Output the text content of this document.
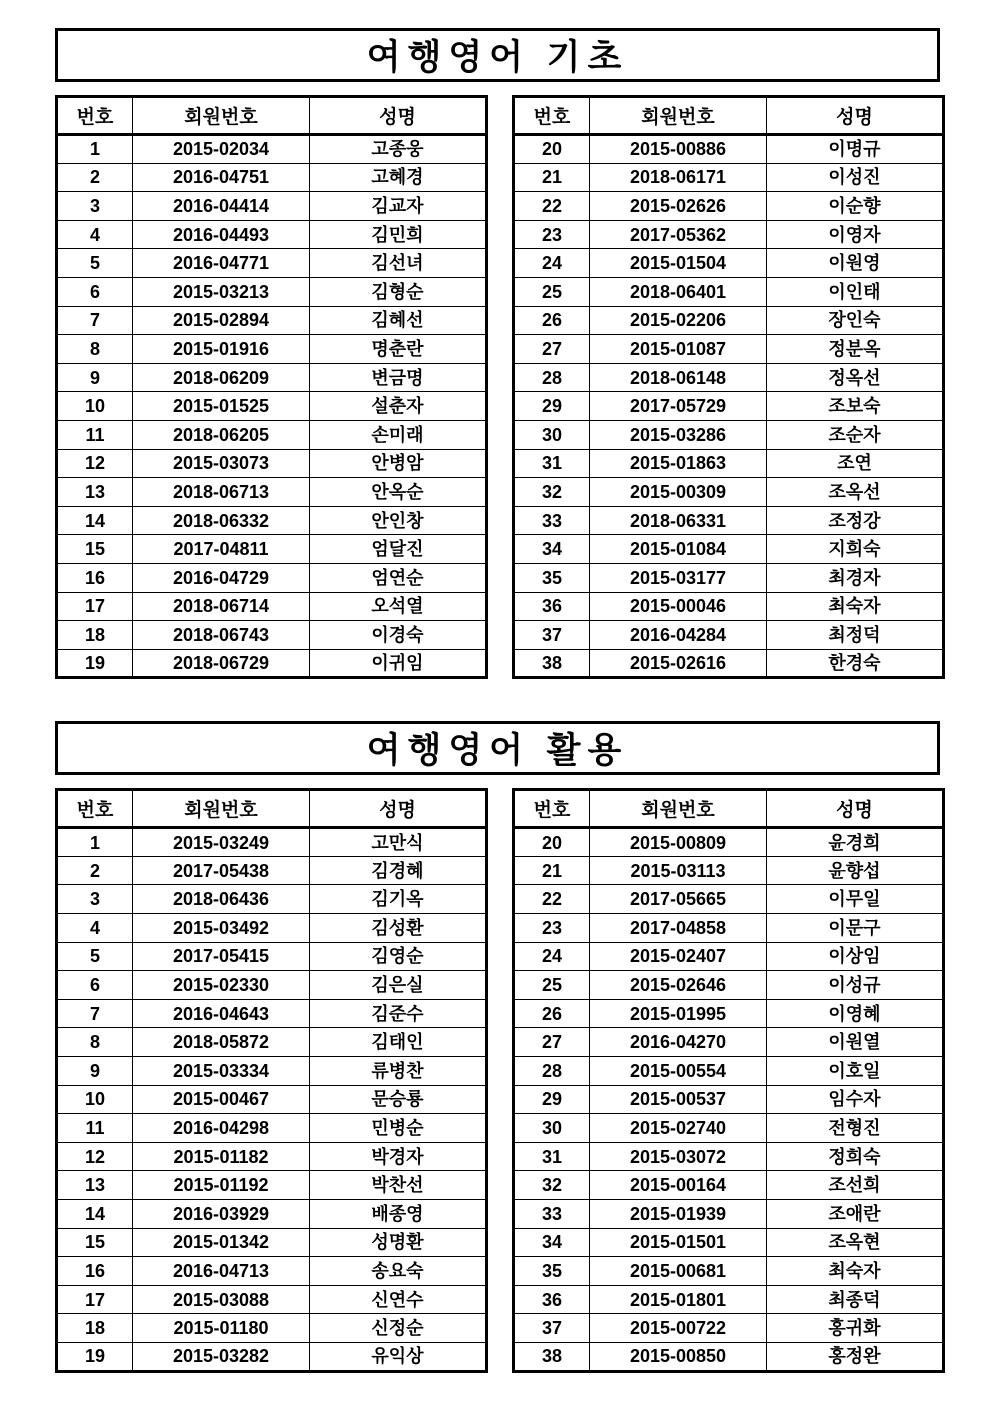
여행영어 기초
번호	회원번호	성명
1	2015-02034	고종웅
2	2016-04751	고혜경
3	2016-04414	김교자
4	2016-04493	김민희
5	2016-04771	김선녀
6	2015-03213	김형순
7	2015-02894	김혜선
8	2015-01916	명춘란
9	2018-06209	변금명
10	2015-01525	설춘자
11	2018-06205	손미래
12	2015-03073	안병암
13	2018-06713	안옥순
14	2018-06332	안인창
15	2017-04811	엄달진
16	2016-04729	엄연순
17	2018-06714	오석열
18	2018-06743	이경숙
19	2018-06729	이귀임
번호	회원번호	성명
20	2015-00886	이명규
21	2018-06171	이성진
22	2015-02626	이순향
23	2017-05362	이영자
24	2015-01504	이원영
25	2018-06401	이인태
26	2015-02206	장인숙
27	2015-01087	정분옥
28	2018-06148	정옥선
29	2017-05729	조보숙
30	2015-03286	조순자
31	2015-01863	조연
32	2015-00309	조옥선
33	2018-06331	조정강
34	2015-01084	지희숙
35	2015-03177	최경자
36	2015-00046	최숙자
37	2016-04284	최정덕
38	2015-02616	한경숙
여행영어 활용
번호	회원번호	성명
1	2015-03249	고만식
2	2017-05438	김경혜
3	2018-06436	김기옥
4	2015-03492	김성환
5	2017-05415	김영순
6	2015-02330	김은실
7	2016-04643	김준수
8	2018-05872	김태인
9	2015-03334	류병찬
10	2015-00467	문승룡
11	2016-04298	민병순
12	2015-01182	박경자
13	2015-01192	박찬선
14	2016-03929	배종영
15	2015-01342	성명환
16	2016-04713	송요숙
17	2015-03088	신연수
18	2015-01180	신정순
19	2015-03282	유익상
번호	회원번호	성명
20	2015-00809	윤경희
21	2015-03113	윤향섭
22	2017-05665	이무일
23	2017-04858	이문구
24	2015-02407	이상임
25	2015-02646	이성규
26	2015-01995	이영혜
27	2016-04270	이원열
28	2015-00554	이호일
29	2015-00537	임수자
30	2015-02740	전형진
31	2015-03072	정희숙
32	2015-00164	조선희
33	2015-01939	조애란
34	2015-01501	조옥현
35	2015-00681	최숙자
36	2015-01801	최종덕
37	2015-00722	홍귀화
38	2015-00850	홍정완
